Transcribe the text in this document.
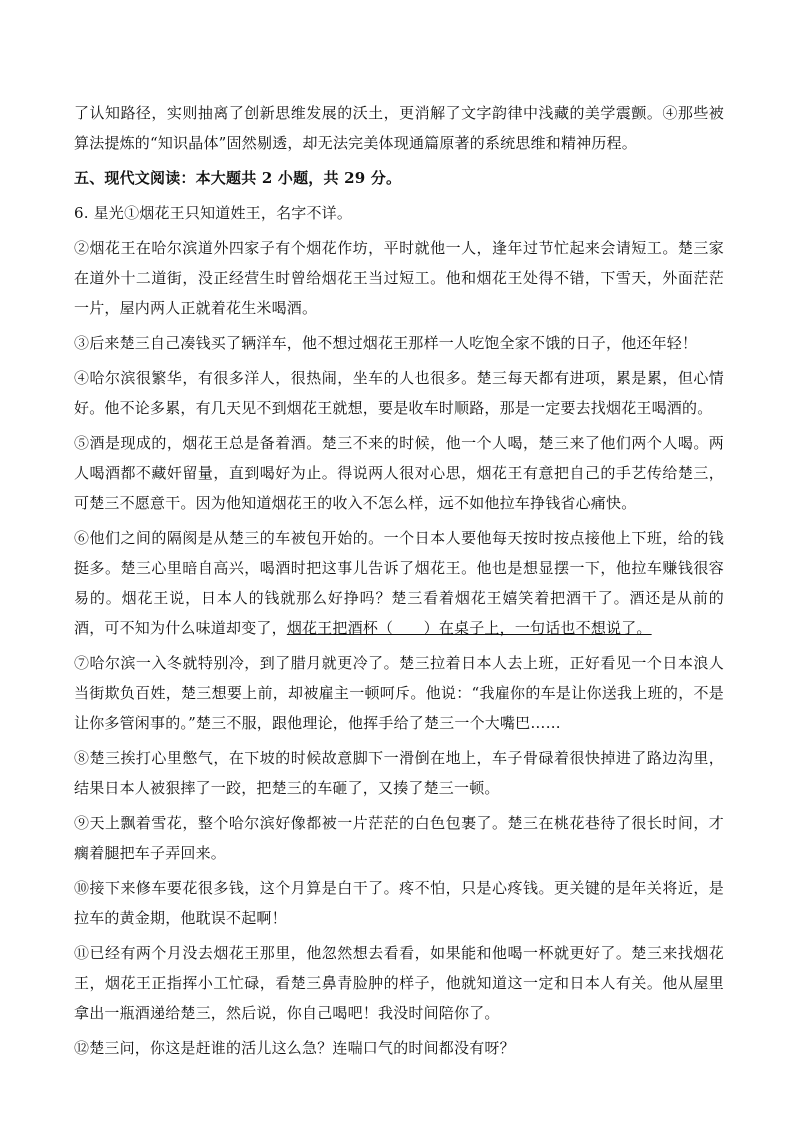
了认知路径，实则抽离了创新思维发展的沃土，更消解了文字韵律中浅藏的美学震颤。④那些被算法提炼的“知识晶体”固然剔透，却无法完美体现通篇原著的系统思维和精神历程。

五、现代文阅读：本大题共 2 小题，共 29 分。

6. 星光①烟花王只知道姓王，名字不详。

②烟花王在哈尔滨道外四家子有个烟花作坊，平时就他一人，逢年过节忙起来会请短工。楚三家在道外十二道街，没正经营生时曾给烟花王当过短工。他和烟花王处得不错，下雪天，外面茫茫一片，屋内两人正就着花生米喝酒。

③后来楚三自己凑钱买了辆洋车，他不想过烟花王那样一人吃饱全家不饿的日子，他还年轻！

④哈尔滨很繁华，有很多洋人，很热闹，坐车的人也很多。楚三每天都有进项，累是累，但心情好。他不论多累，有几天见不到烟花王就想，要是收车时顺路，那是一定要去找烟花王喝酒的。

⑤酒是现成的，烟花王总是备着酒。楚三不来的时候，他一个人喝，楚三来了他们两个人喝。两人喝酒都不藏奸留量，直到喝好为止。得说两人很对心思，烟花王有意把自己的手艺传给楚三，可楚三不愿意干。因为他知道烟花王的收入不怎么样，远不如他拉车挣钱省心痛快。

⑥他们之间的隔阂是从楚三的车被包开始的。一个日本人要他每天按时按点接他上下班，给的钱挺多。楚三心里暗自高兴，喝酒时把这事儿告诉了烟花王。他也是想显摆一下，他拉车赚钱很容易的。烟花王说，日本人的钱就那么好挣吗？楚三看着烟花王嬉笑着把酒干了。酒还是从前的酒，可不知为什么味道却变了，烟花王把酒杯（　　）在桌子上，一句话也不想说了。

⑦哈尔滨一入冬就特别冷，到了腊月就更冷了。楚三拉着日本人去上班，正好看见一个日本浪人当街欺负百姓，楚三想要上前，却被雇主一顿呵斥。他说：“我雇你的车是让你送我上班的，不是让你多管闲事的。”楚三不服，跟他理论，他挥手给了楚三一个大嘴巴……

⑧楚三挨打心里憋气，在下坡的时候故意脚下一滑倒在地上，车子骨碌着很快掉进了路边沟里，结果日本人被狠摔了一跤，把楚三的车砸了，又揍了楚三一顿。

⑨天上飘着雪花，整个哈尔滨好像都被一片茫茫的白色包裹了。楚三在桃花巷待了很长时间，才瘸着腿把车子弄回来。

⑩接下来修车要花很多钱，这个月算是白干了。疼不怕，只是心疼钱。更关键的是年关将近，是拉车的黄金期，他耽误不起啊！

⑪已经有两个月没去烟花王那里，他忽然想去看看，如果能和他喝一杯就更好了。楚三来找烟花王，烟花王正指挥小工忙碌，看楚三鼻青脸肿的样子，他就知道这一定和日本人有关。他从屋里拿出一瓶酒递给楚三，然后说，你自己喝吧！我没时间陪你了。

⑫楚三问，你这是赶谁的活儿这么急？连喘口气的时间都没有呀？
